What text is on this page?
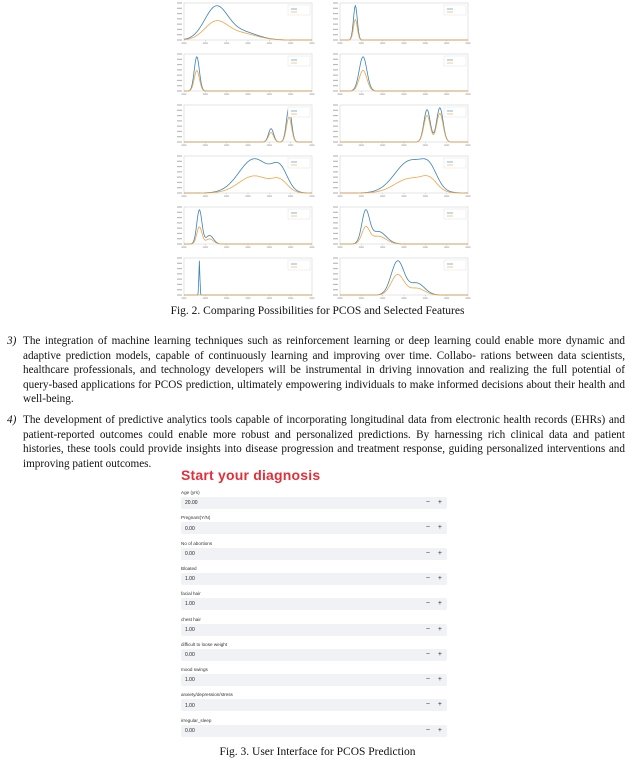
Fig. 2. Comparing Possibilities for PCOS and Selected Features
3) The integration of machine learning techniques such as reinforcement learning or deep learning could enable more dynamic and adaptive prediction models, capable of continuously learning and improving over time. Collabo- rations between data scientists, healthcare professionals, and technology developers will be instrumental in driving innovation and realizing the full potential of query-based applications for PCOS prediction, ultimately empowering individuals to make informed decisions about their health and well-being.
4) The development of predictive analytics tools capable of incorporating longitudinal data from electronic health records (EHRs) and patient-reported outcomes could enable more robust and personalized predictions. By harnessing rich clinical data and patient histories, these tools could provide insights into disease progression and treatment response, guiding personalized interventions and improving patient outcomes.
Start your diagnosis
Age (yrs)
20.00	− +
Pregnant(Y/N)
0.00	− +
No of abortions
0.00	− +
Bloated
1.00	− +
facial hair
1.00	− +
chest hair
1.00	− +
difficult to loose weight
0.00	− +
mood swings
1.00	− +
anxiety/depression/stress
1.00	− +
irregular_sleep
0.00	− +
Fig. 3. User Interface for PCOS Prediction
